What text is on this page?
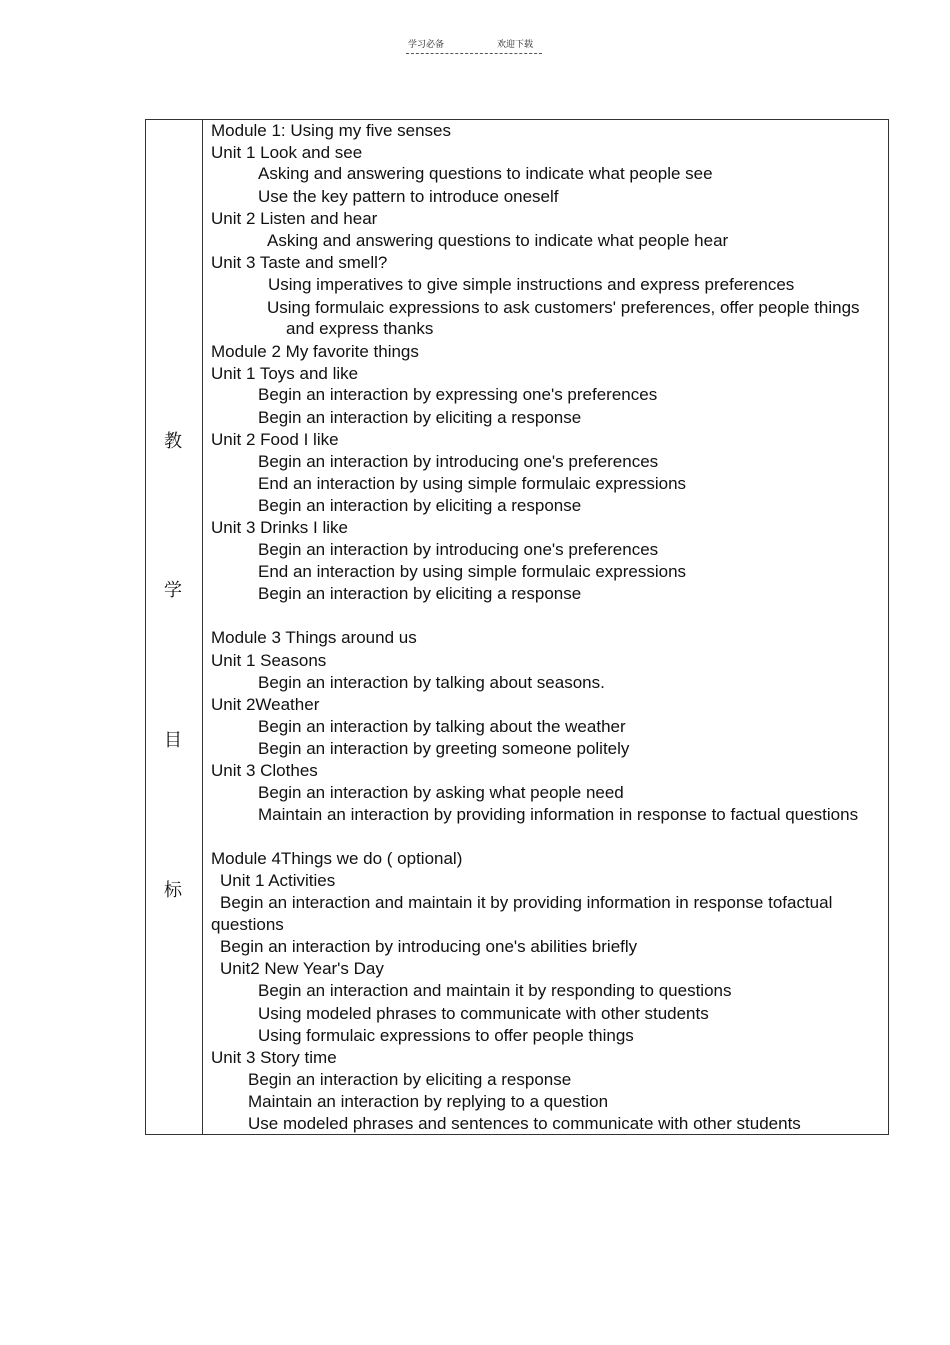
学习必备	欢迎下载
教
学
目
标
Module 1: Using my five senses
Unit 1 Look and see
Asking and answering questions to indicate what people see
Use the key pattern to introduce oneself
Unit 2 Listen and hear
Asking and answering questions to indicate what people hear
Unit 3 Taste and smell?
Using imperatives to give simple instructions and express preferences
Using formulaic expressions to ask customers' preferences, offer people things
and express thanks
Module 2 My favorite things
Unit 1 Toys and like
Begin an interaction by expressing one's preferences
Begin an interaction by eliciting a response
Unit 2 Food I like
Begin an interaction by introducing one's preferences
End an interaction by using simple formulaic expressions
Begin an interaction by eliciting a response
Unit 3 Drinks I like
Begin an interaction by introducing one's preferences
End an interaction by using simple formulaic expressions
Begin an interaction by eliciting a response
Module 3 Things around us
Unit 1 Seasons
Begin an interaction by talking about seasons.
Unit 2Weather
Begin an interaction by talking about the weather
Begin an interaction by greeting someone politely
Unit 3 Clothes
Begin an interaction by asking what people need
Maintain an interaction by providing information in response to factual questions
Module 4Things we do ( optional)
Unit 1 Activities
Begin an interaction and maintain it by providing information in response tofactual
questions
Begin an interaction by introducing one's abilities briefly
Unit2 New Year's Day
Begin an interaction and maintain it by responding to questions
Using modeled phrases to communicate with other students
Using formulaic expressions to offer people things
Unit 3 Story time
Begin an interaction by eliciting a response
Maintain an interaction by replying to a question
Use modeled phrases and sentences to communicate with other students
